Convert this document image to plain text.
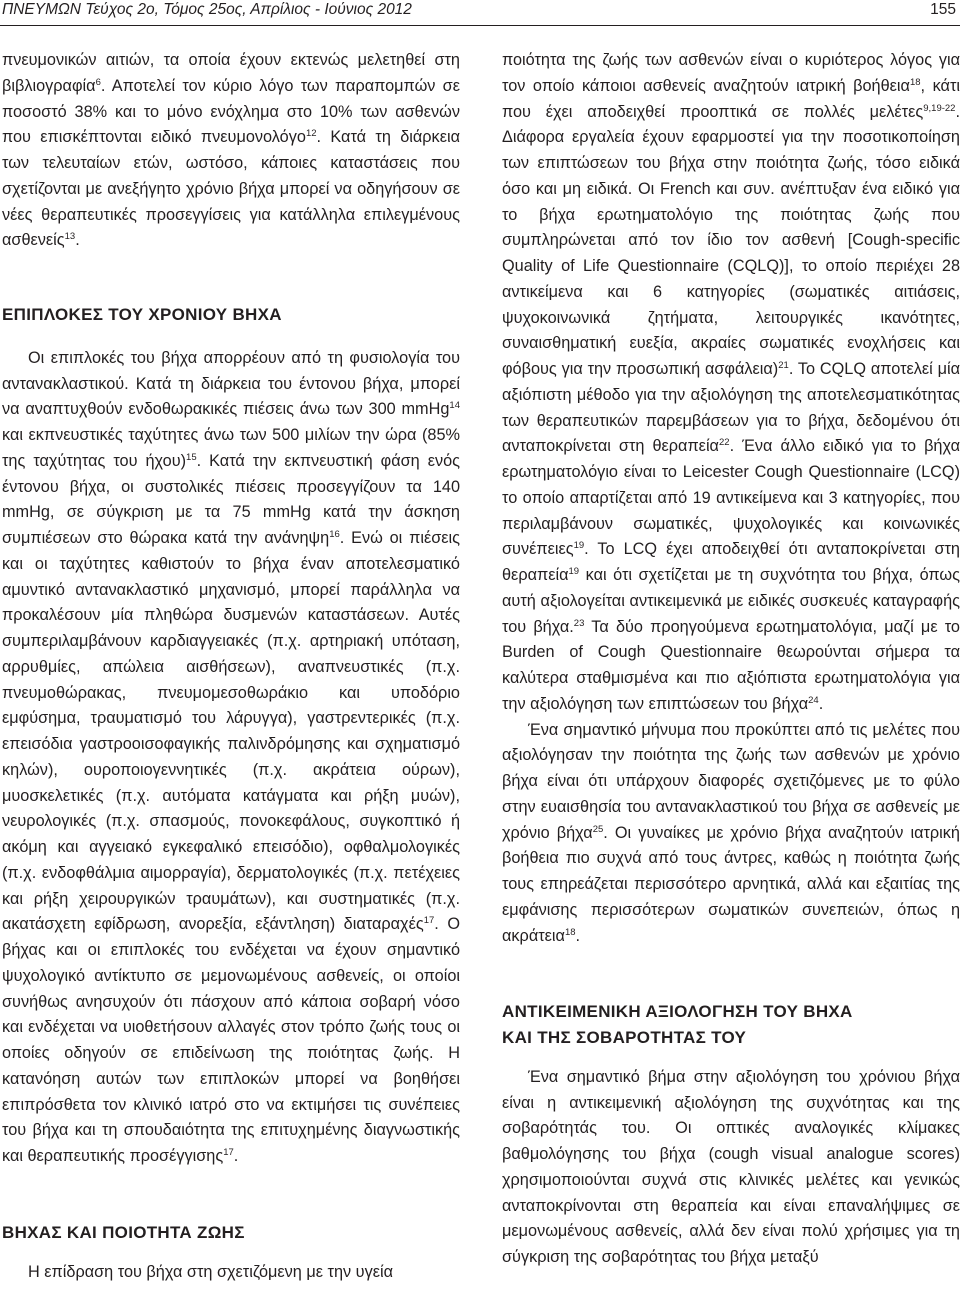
ΠΝΕΥΜΩΝ Τεύχος 2ο, Τόμος 25ος, Απρίλιος - Ιούνιος 2012	155

πνευμονικών αιτιών, τα οποία έχουν εκτενώς μελετηθεί στη βιβλιογραφία$^6$. Αποτελεί τον κύριο λόγο των παραπομπών σε ποσοστό 38% και το μόνο ενόχλημα στο 10% των ασθενών που επισκέπτονται ειδικό πνευμονολόγο$^{12}$. Κατά τη διάρκεια των τελευταίων ετών, ωστόσο, κάποιες καταστάσεις που σχετίζονται με ανεξήγητο χρόνιο βήχα μπορεί να οδηγήσουν σε νέες θεραπευτικές προσεγγίσεις για κατάλληλα επιλεγμένους ασθενείς$^{13}$.

ΕΠΙΠΛΟΚΕΣ ΤΟΥ ΧΡΟΝΙΟΥ ΒΗΧΑ

Οι επιπλοκές του βήχα απορρέουν από τη φυσιολογία του αντανακλαστικού. Κατά τη διάρκεια του έντονου βήχα, μπορεί να αναπτυχθούν ενδοθωρακικές πιέσεις άνω των 300 mmHg$^{14}$ και εκπνευστικές ταχύτητες άνω των 500 μιλίων την ώρα (85% της ταχύτητας του ήχου)$^{15}$. Κατά την εκπνευστική φάση ενός έντονου βήχα, οι συστολικές πιέσεις προσεγγίζουν τα 140 mmHg, σε σύγκριση με τα 75 mmHg κατά την άσκηση συμπιέσεων στο θώρακα κατά την ανάνηψη$^{16}$. Ενώ οι πιέσεις και οι ταχύτητες καθιστούν το βήχα έναν αποτελεσματικό αμυντικό αντανακλαστικό μηχανισμό, μπορεί παράλληλα να προκαλέσουν μία πληθώρα δυσμενών καταστάσεων. Αυτές συμπεριλαμβάνουν καρδιαγγειακές (π.χ. αρτηριακή υπόταση, αρρυθμίες, απώλεια αισθήσεων), αναπνευστικές (π.χ. πνευμοθώρακας, πνευμομεσοθωράκιο και υποδόριο εμφύσημα, τραυματισμό του λάρυγγα), γαστρεντερικές (π.χ. επεισόδια γαστροοισοφαγικής παλινδρόμησης και σχηματισμό κηλών), ουροποιογεννητικές (π.χ. ακράτεια ούρων), μυοσκελετικές (π.χ. αυτόματα κατάγματα και ρήξη μυών), νευρολογικές (π.χ. σπασμούς, πονοκεφάλους, συγκοπτικό ή ακόμη και αγγειακό εγκεφαλικό επεισόδιο), οφθαλμολογικές (π.χ. ενδοφθάλμια αιμορραγία), δερματολογικές (π.χ. πετέχειες και ρήξη χειρουργικών τραυμάτων), και συστηματικές (π.χ. ακατάσχετη εφίδρωση, ανορεξία, εξάντληση) διαταραχές$^{17}$. Ο βήχας και οι επιπλοκές του ενδέχεται να έχουν σημαντικό ψυχολογικό αντίκτυπο σε μεμονωμένους ασθενείς, οι οποίοι συνήθως ανησυχούν ότι πάσχουν από κάποια σοβαρή νόσο και ενδέχεται να υιοθετήσουν αλλαγές στον τρόπο ζωής τους οι οποίες οδηγούν σε επιδείνωση της ποιότητας ζωής. Η κατανόηση αυτών των επιπλοκών μπορεί να βοηθήσει επιπρόσθετα τον κλινικό ιατρό στο να εκτιμήσει τις συνέπειες του βήχα και τη σπουδαιότητα της επιτυχημένης διαγνωστικής και θεραπευτικής προσέγγισης$^{17}$.

ΒΗΧΑΣ ΚΑΙ ΠΟΙΟΤΗΤΑ ΖΩΗΣ

Η επίδραση του βήχα στη σχετιζόμενη με την υγεία

ποιότητα της ζωής των ασθενών είναι ο κυριότερος λόγος για τον οποίο κάποιοι ασθενείς αναζητούν ιατρική βοήθεια$^{18}$, κάτι που έχει αποδειχθεί προοπτικά σε πολλές μελέτες$^{9,19-22}$. Διάφορα εργαλεία έχουν εφαρμοστεί για την ποσοτικοποίηση των επιπτώσεων του βήχα στην ποιότητα ζωής, τόσο ειδικά όσο και μη ειδικά. Οι French και συν. ανέπτυξαν ένα ειδικό για το βήχα ερωτηματολόγιο της ποιότητας ζωής που συμπληρώνεται από τον ίδιο τον ασθενή [Cough-specific Quality of Life Questionnaire (CQLQ)], το οποίο περιέχει 28 αντικείμενα και 6 κατηγορίες (σωματικές αιτιάσεις, ψυχοκοινωνικά ζητήματα, λειτουργικές ικανότητες, συναισθηματική ευεξία, ακραίες σωματικές ενοχλήσεις και φόβους για την προσωπική ασφάλεια)$^{21}$. Το CQLQ αποτελεί μία αξιόπιστη μέθοδο για την αξιολόγηση της αποτελεσματικότητας των θεραπευτικών παρεμβάσεων για το βήχα, δεδομένου ότι ανταποκρίνεται στη θεραπεία$^{22}$. Ένα άλλο ειδικό για το βήχα ερωτηματολόγιο είναι το Leicester Cough Questionnaire (LCQ) το οποίο απαρτίζεται από 19 αντικείμενα και 3 κατηγορίες, που περιλαμβάνουν σωματικές, ψυχολογικές και κοινωνικές συνέπειες$^{19}$. Το LCQ έχει αποδειχθεί ότι ανταποκρίνεται στη θεραπεία$^{19}$ και ότι σχετίζεται με τη συχνότητα του βήχα, όπως αυτή αξιολογείται αντικειμενικά με ειδικές συσκευές καταγραφής του βήχα.$^{23}$ Τα δύο προηγούμενα ερωτηματολόγια, μαζί με το Burden of Cough Questionnaire θεωρούνται σήμερα τα καλύτερα σταθμισμένα και πιο αξιόπιστα ερωτηματολόγια για την αξιολόγηση των επιπτώσεων του βήχα$^{24}$.

Ένα σημαντικό μήνυμα που προκύπτει από τις μελέτες που αξιολόγησαν την ποιότητα της ζωής των ασθενών με χρόνιο βήχα είναι ότι υπάρχουν διαφορές σχετιζόμενες με το φύλο στην ευαισθησία του αντανακλαστικού του βήχα σε ασθενείς με χρόνιο βήχα$^{25}$. Οι γυναίκες με χρόνιο βήχα αναζητούν ιατρική βοήθεια πιο συχνά από τους άντρες, καθώς η ποιότητα ζωής τους επηρεάζεται περισσότερο αρνητικά, αλλά και εξαιτίας της εμφάνισης περισσότερων σωματικών συνεπειών, όπως η ακράτεια$^{18}$.

ΑΝΤΙΚΕΙΜΕΝΙΚΗ ΑΞΙΟΛΟΓΗΣΗ ΤΟΥ ΒΗΧΑ
ΚΑΙ ΤΗΣ ΣΟΒΑΡΟΤΗΤΑΣ ΤΟΥ

Ένα σημαντικό βήμα στην αξιολόγηση του χρόνιου βήχα είναι η αντικειμενική αξιολόγηση της συχνότητας και της σοβαρότητάς του. Οι οπτικές αναλογικές κλίμακες βαθμολόγησης του βήχα (cough visual analogue scores) χρησιμοποιούνται συχνά στις κλινικές μελέτες και γενικώς ανταποκρίνονται στη θεραπεία και είναι επαναλήψιμες σε μεμονωμένους ασθενείς, αλλά δεν είναι πολύ χρήσιμες για τη σύγκριση της σοβαρότητας του βήχα μεταξύ
